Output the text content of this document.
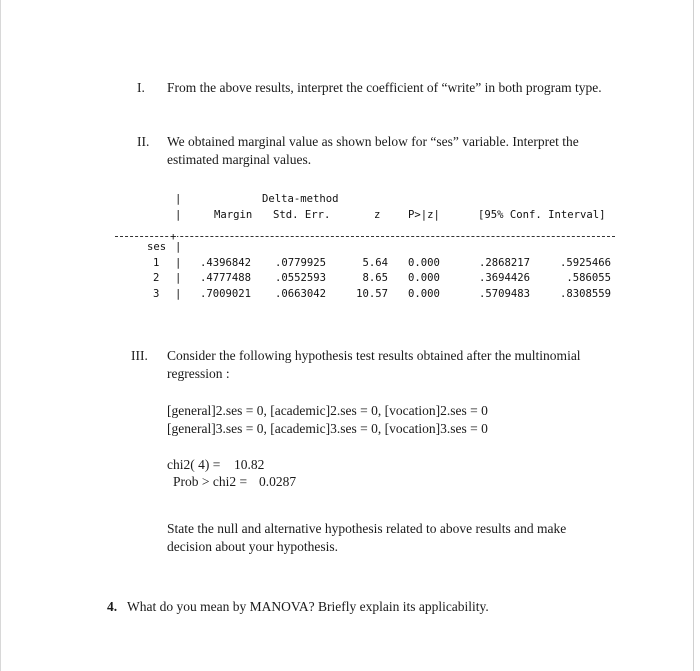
I. From the above results, interpret the coefficient of “write” in both program type.
II. We obtained marginal value as shown below for “ses” variable. Interpret the
estimated marginal values.
|
|
Delta-method
Margin Std. Err.	z	P>|z|	[95% Conf. Interval]
+
ses |
1 | .4396842 .0779925	5.64 0.000	.2868217	.5925466
2 | .4777488 .0552593	8.65 0.000	.3694426	.586055
3 | .7009021 .0663042	10.57 0.000	.5709483	.8308559
III. Consider the following hypothesis test results obtained after the multinomial
regression :
[general]2.ses = 0, [academic]2.ses = 0, [vocation]2.ses = 0
[general]3.ses = 0, [academic]3.ses = 0, [vocation]3.ses = 0
chi2( 4) =	10.82
Prob > chi2 = 0.0287
State the null and alternative hypothesis related to above results and make
decision about your hypothesis.
4. What do you mean by MANOVA? Briefly explain its applicability.
